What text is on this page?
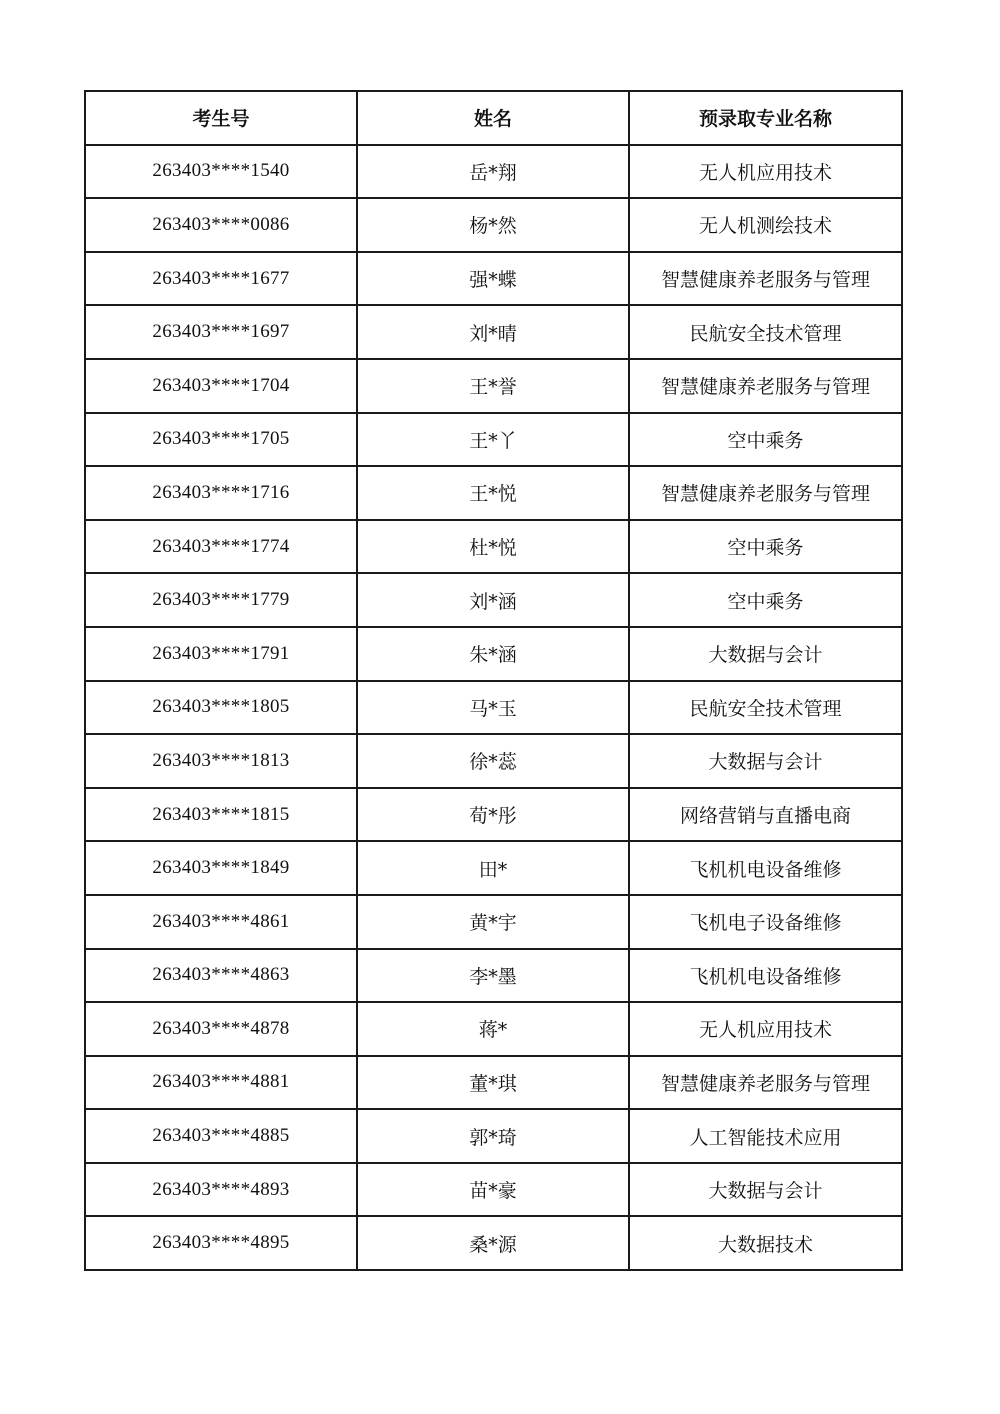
考生号	姓名	预录取专业名称
263403****1540	岳*翔	无人机应用技术
263403****0086	杨*然	无人机测绘技术
263403****1677	强*蝶	智慧健康养老服务与管理
263403****1697	刘*晴	民航安全技术管理
263403****1704	王*誉	智慧健康养老服务与管理
263403****1705	王*丫	空中乘务
263403****1716	王*悦	智慧健康养老服务与管理
263403****1774	杜*悦	空中乘务
263403****1779	刘*涵	空中乘务
263403****1791	朱*涵	大数据与会计
263403****1805	马*玉	民航安全技术管理
263403****1813	徐*蕊	大数据与会计
263403****1815	荀*彤	网络营销与直播电商
263403****1849	田*	飞机机电设备维修
263403****4861	黄*宇	飞机电子设备维修
263403****4863	李*墨	飞机机电设备维修
263403****4878	蒋*	无人机应用技术
263403****4881	董*琪	智慧健康养老服务与管理
263403****4885	郭*琦	人工智能技术应用
263403****4893	苗*豪	大数据与会计
263403****4895	桑*源	大数据技术
